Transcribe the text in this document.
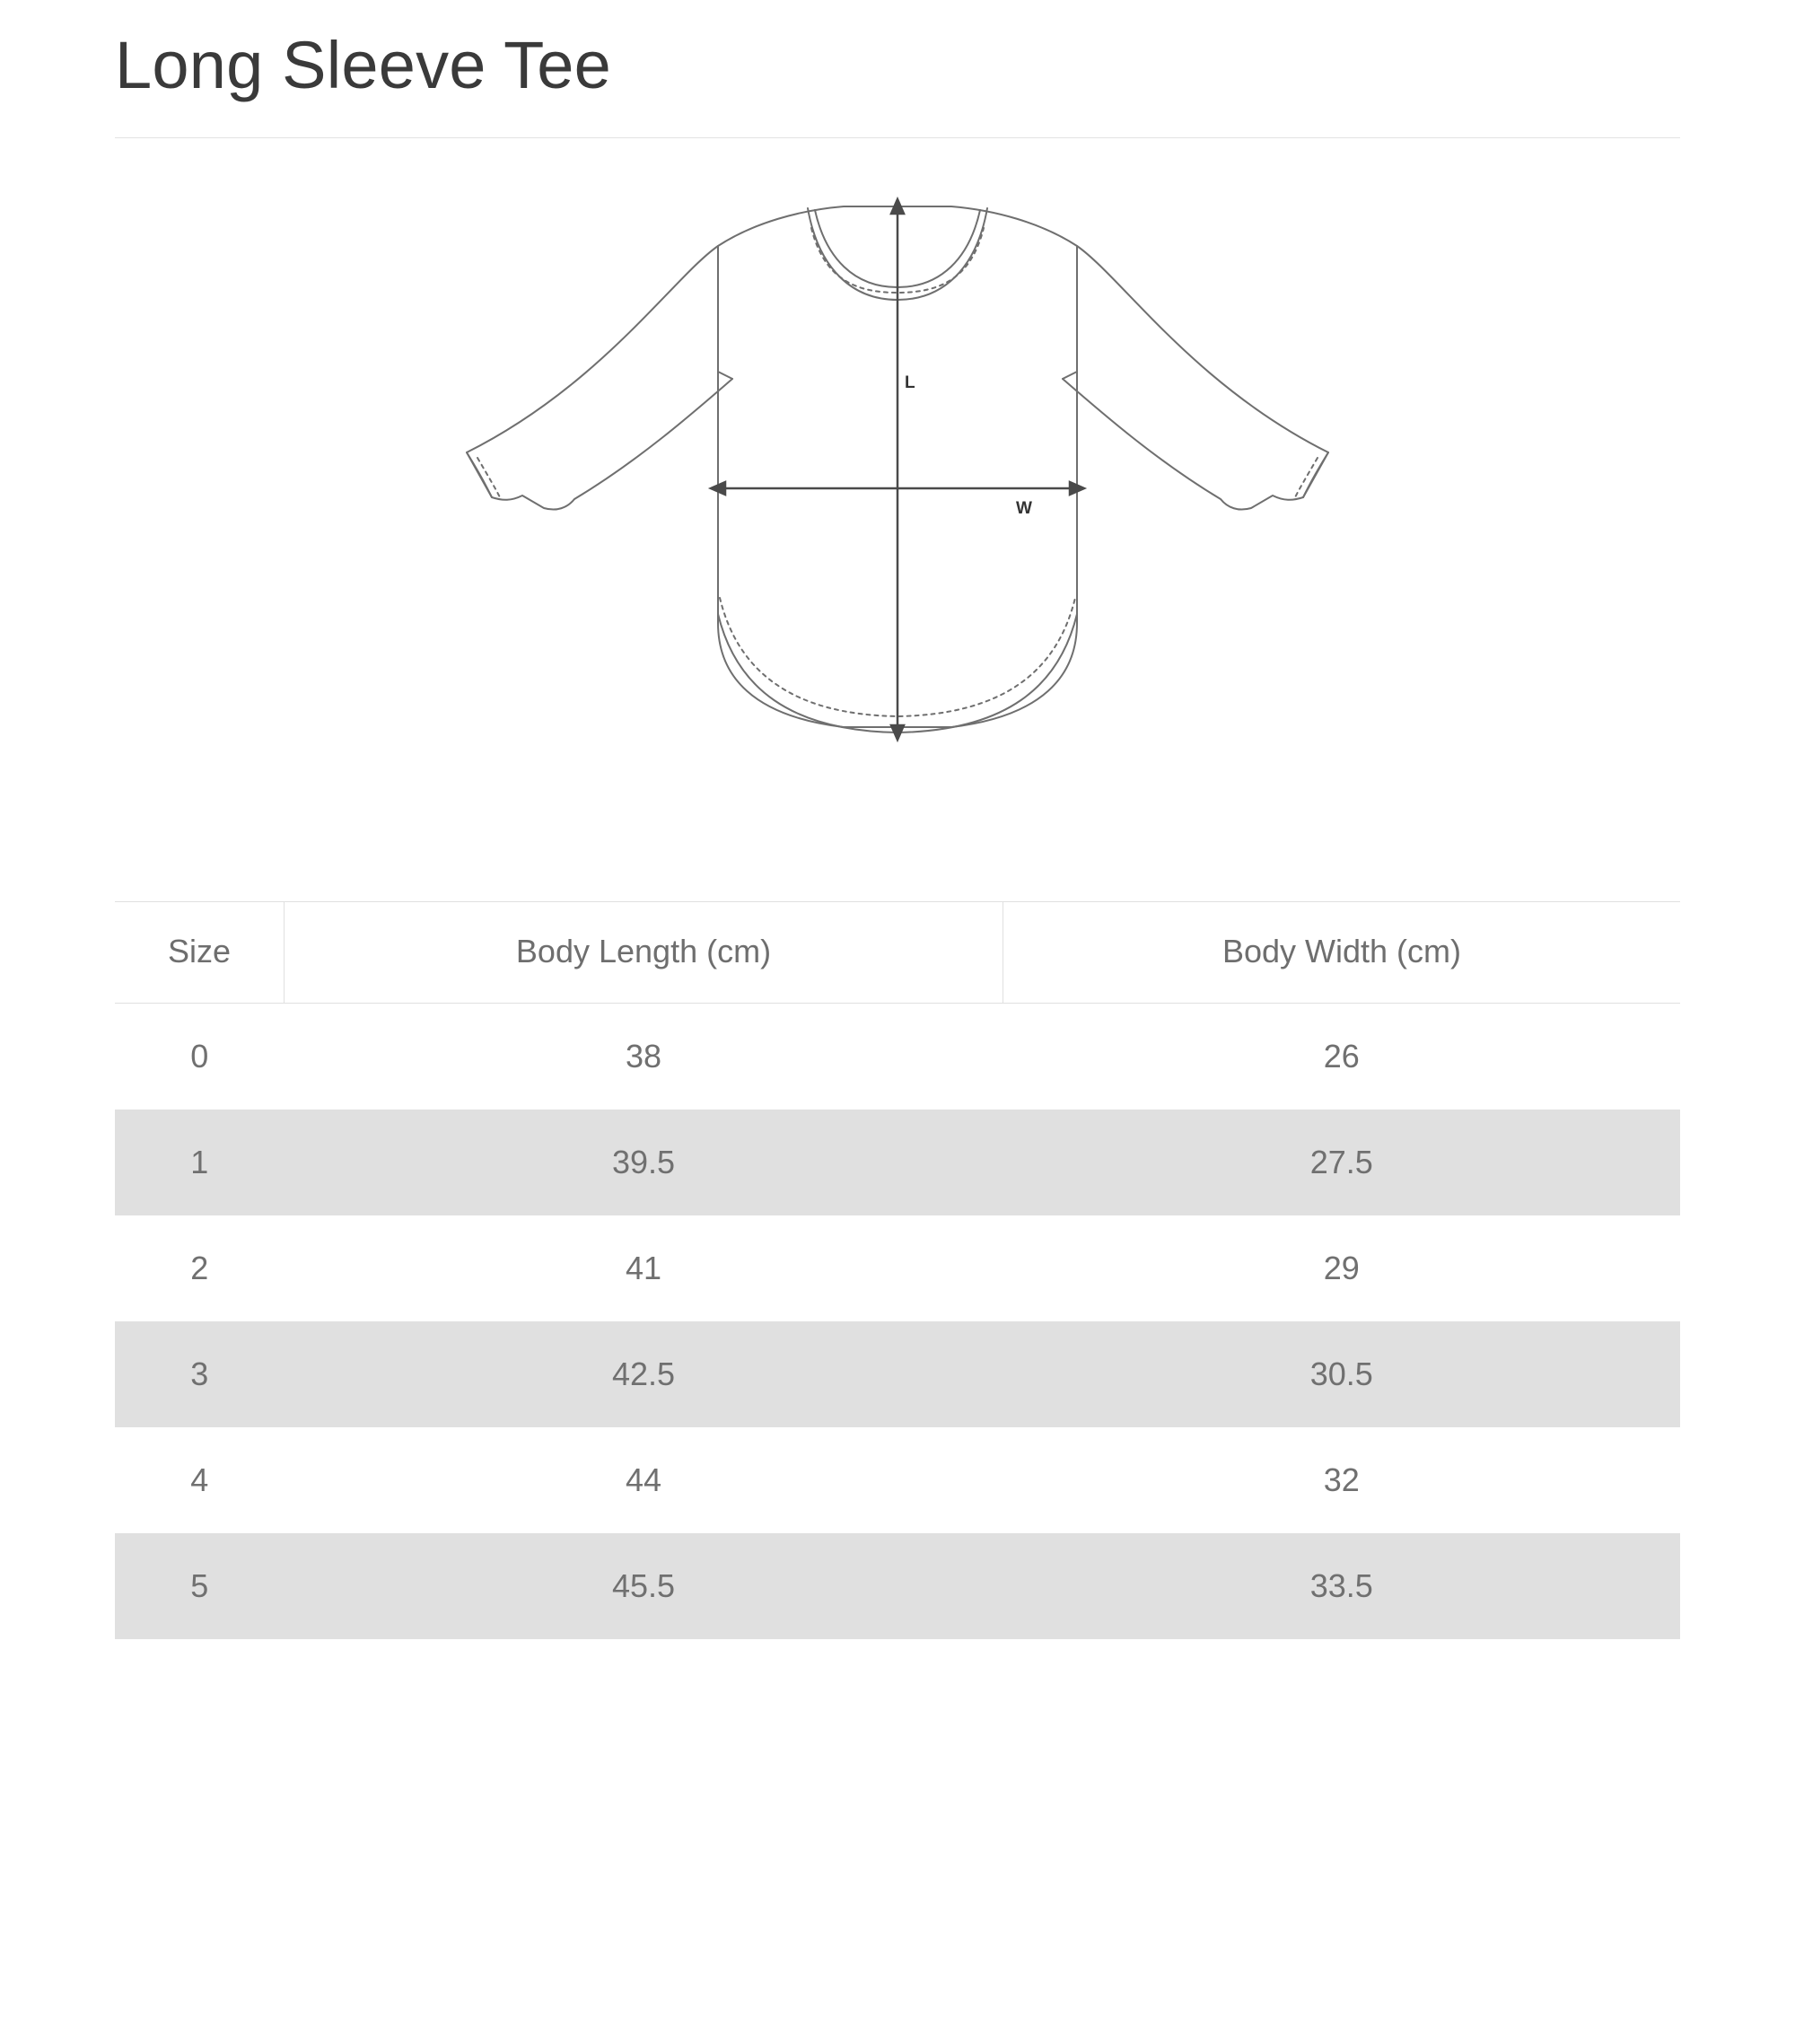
Long Sleeve Tee
L
W
Size	Body Length (cm)	Body Width (cm)
0	38	26
1	39.5	27.5
2	41	29
3	42.5	30.5
4	44	32
5	45.5	33.5
